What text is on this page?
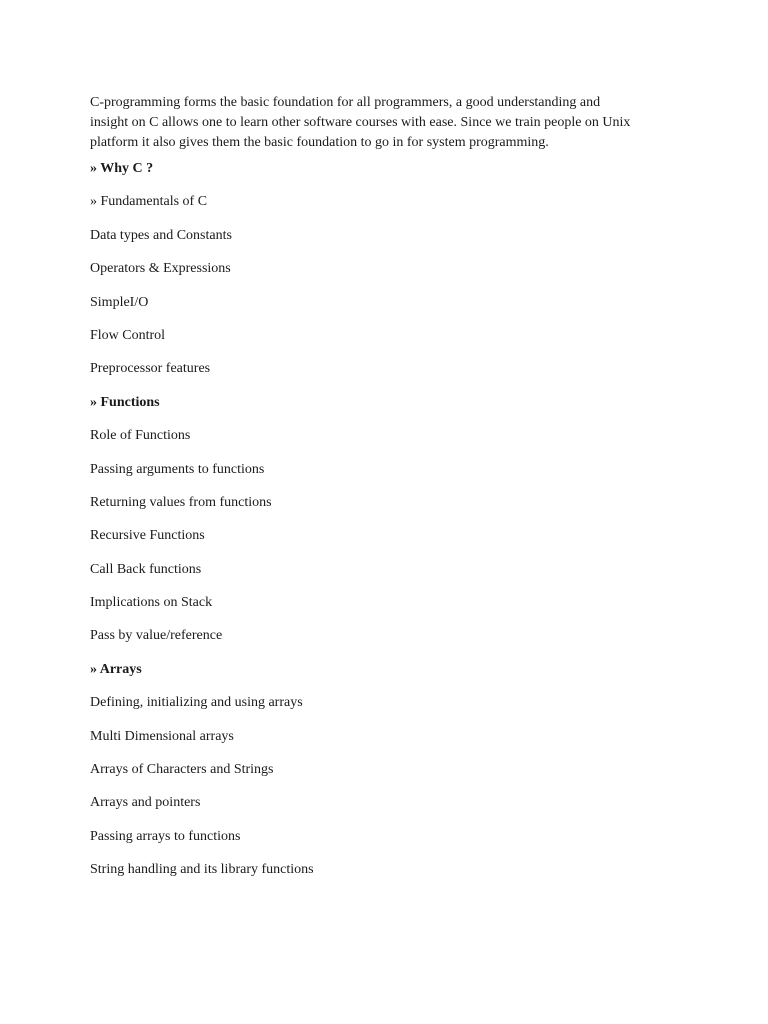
C-programming forms the basic foundation for all programmers, a good understanding and
insight on C allows one to learn other software courses with ease. Since we train people on Unix
platform it also gives them the basic foundation to go in for system programming.

» Why C ?
» Fundamentals of C
Data types and Constants
Operators & Expressions
SimpleI/O
Flow Control
Preprocessor features
» Functions
Role of Functions
Passing arguments to functions
Returning values from functions
Recursive Functions
Call Back functions
Implications on Stack
Pass by value/reference
» Arrays
Defining, initializing and using arrays
Multi Dimensional arrays
Arrays of Characters and Strings
Arrays and pointers
Passing arrays to functions
String handling and its library functions
